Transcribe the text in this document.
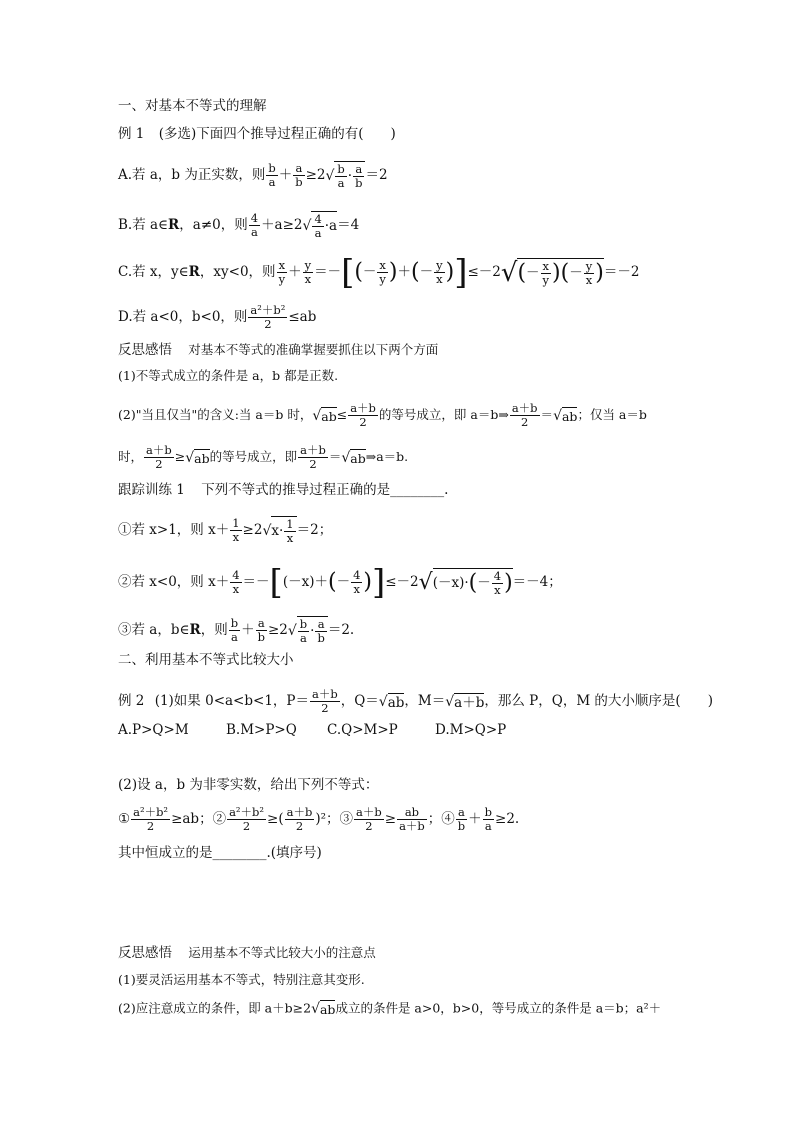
一、对基本不等式的理解
例 1 (多选)下面四个推导过程正确的有(　　)
A.若 a，b 为正实数，则 $\frac{b}{a} + \frac{a}{b} \ge 2√ \frac{b}{a} \cdot \frac{a}{b} =2$
B.若 a∈R，a≠0，则 $\frac{4}{a} +a\ge 2√ \frac{4}{a} \cdot a=4$
C.若 x，y∈R，xy<0，则 $\frac{x}{y} + \frac{y}{x}$ ＝－[(－ $\frac{x}{y}$ )＋(－ $\frac{y}{x} )]\le-2√(- \frac{x}{y}$ )(－ $\frac{y}{x} )=-2$
D.若 a<0，b<0，则 $\frac{\text{a²＋b²}}{2} \le ab$
反思感悟 对基本不等式的准确掌握要抓住以下两个方面
(1)不等式成立的条件是 a，b 都是正数.
(2)"当且仅当"的含义:当 a＝b 时，$√ab\le \frac{a+b}{2}$ 的等号成立，即 a＝b⇒ $\frac{a+b}{2} =√ab$；仅当 a＝b
时， $\frac{a+b}{2} \ge√ab$的等号成立，即 $\frac{a+b}{2}$ ＝√ab⇒a＝b.
跟踪训练 1 下列不等式的推导过程正确的是________.
①若 x>1，则 $x+ \frac{1}{x} \ge 2√x\cdot \frac{1}{x} =2$；
②若 x<0，则 $x+ \frac{4}{x} =-[(-x)+(- \frac{4}{x} )]\le-2√(-x)\cdot(- \frac{4}{x} )=-4$；
③若 a，b∈R，则 $\frac{b}{a} + \frac{a}{b} \ge 2√ \frac{b}{a} \cdot \frac{a}{b} =2$.
二、利用基本不等式比较大小
例 2 (1)如果 0<a<b<1，$P= \frac{a+b}{2}$ ，Q＝√ab，M＝√a＋b，那么 P，Q，M 的大小顺序是(　　)
A.P>Q>M	B.M>P>Q C.Q>M>P	D.M>Q>P
(2)设 a，b 为非零实数，给出下列不等式：
① $\frac{\text{a²＋b²}}{2} \ge ab$；② $\frac{\text{a²＋b²}}{2}$ ≥( $\frac{a+b}{2} )^2$；③ $\frac{a+b}{2} \ge \frac{ab}{a+b}$ ；④ $\frac{a}{b} + \frac{b}{a} \ge 2$.
其中恒成立的是________.(填序号)
反思感悟 运用基本不等式比较大小的注意点
(1)要灵活运用基本不等式，特别注意其变形.
(2)应注意成立的条件，即 a＋b≥2√ab成立的条件是 a>0，b>0，等号成立的条件是 a＝b；a²＋
